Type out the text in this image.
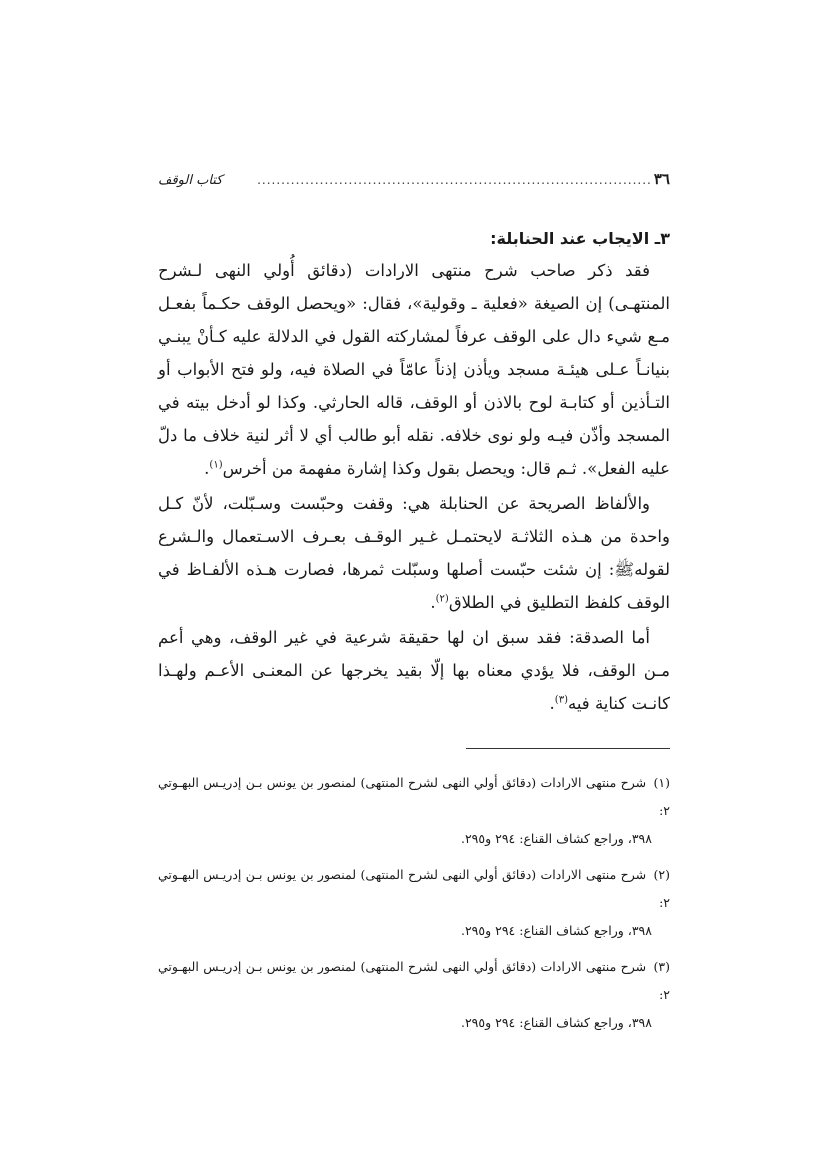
٣٦
..................................................................................
كتاب الوقف
٣ـ الايجاب عند الحنابلة:

فقد ذكر صاحب شرح منتهى الارادات (دقائق أُولي النهى لـشرح المنتهـى) إن الصيغة «فعلية ـ وقولية»، فقال: «ويحصل الوقف حكـماً بفعـل مـع شيء دال على الوقف عرفاً لمشاركته القول في الدلالة عليه كـأنْ يبنـي بنيانـاً عـلى هيئـة مسجد ويأذن إذناً عامّاً في الصلاة فيه، ولو فتح الأبواب أو التـأذين أو كتابـة لوح بالاذن أو الوقف، قاله الحارثي. وكذا لو أدخل بيته في المسجد وأذّن فيـه ولو نوى خلافه. نقله أبو طالب أي لا أثر لنية خلاف ما دلّ عليه الفعل». ثـم قال: ويحصل بقول وكذا إشارة مفهمة من أخرس$^{(١)}$.

والألفاظ الصريحة عن الحنابلة هي: وقفت وحبّست وسـبّلت، لأنّ كـل واحدة من هـذه الثلاثـة لايحتمـل غـير الوقـف بعـرف الاسـتعمال والـشرع لقولهﷺ: إن شئت حبّست أصلها وسبّلت ثمرها، فصارت هـذه الألفـاظ في الوقف كلفظ التطليق في الطلاق$^{(٢)}$.

أما الصدقة: فقد سبق ان لها حقيقة شرعية في غير الوقف، وهي أعم مـن الوقف، فلا يؤدي معناه بها إلّا بقيد يخرجها عن المعنـى الأعـم ولهـذا كانـت كناية فيه$^{(٣)}$.

(١) شرح منتهى الارادات (دقائق أولي النهى لشرح المنتهى) لمنصور بن يونس بـن إدريـس البهـوتي ٢:
٣٩٨، وراجع كشاف القناع: ٢٩٤ و٢٩٥.
(٢) شرح منتهى الارادات (دقائق أولي النهى لشرح المنتهى) لمنصور بن يونس بـن إدريـس البهـوتي ٢:
٣٩٨، وراجع كشاف القناع: ٢٩٤ و٢٩٥.
(٣) شرح منتهى الارادات (دقائق أولي النهى لشرح المنتهى) لمنصور بن يونس بـن إدريـس البهـوتي ٢:
٣٩٨، وراجع كشاف القناع: ٢٩٤ و٢٩٥.
